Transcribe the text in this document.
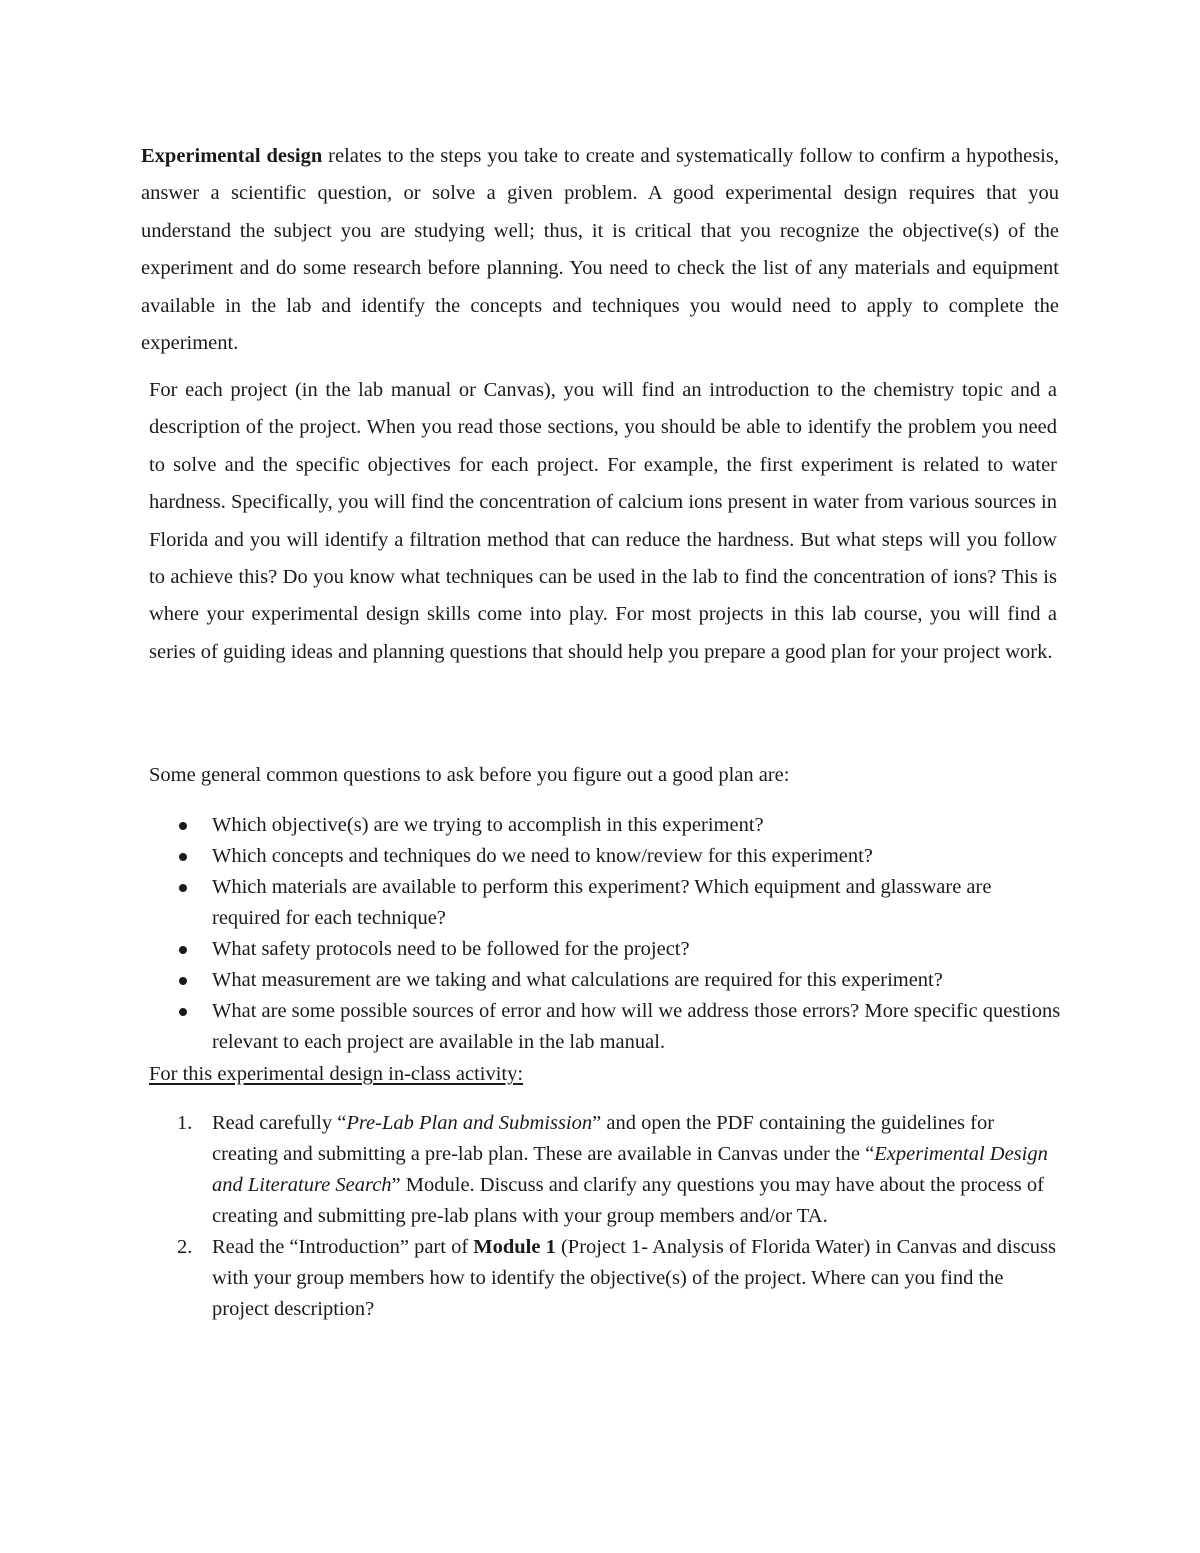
Experimental design relates to the steps you take to create and systematically follow to confirm a hypothesis, answer a scientific question, or solve a given problem. A good experimental design requires that you understand the subject you are studying well; thus, it is critical that you recognize the objective(s) of the experiment and do some research before planning. You need to check the list of any materials and equipment available in the lab and identify the concepts and techniques you would need to apply to complete the experiment.

For each project (in the lab manual or Canvas), you will find an introduction to the chemistry topic and a description of the project. When you read those sections, you should be able to identify the problem you need to solve and the specific objectives for each project. For example, the first experiment is related to water hardness. Specifically, you will find the concentration of calcium ions present in water from various sources in Florida and you will identify a filtration method that can reduce the hardness. But what steps will you follow to achieve this? Do you know what techniques can be used in the lab to find the concentration of ions? This is where your experimental design skills come into play. For most projects in this lab course, you will find a series of guiding ideas and planning questions that should help you prepare a good plan for your project work.

Some general common questions to ask before you figure out a good plan are:

Which objective(s) are we trying to accomplish in this experiment?
Which concepts and techniques do we need to know/review for this experiment?
Which materials are available to perform this experiment? Which equipment and glassware are required for each technique?
What safety protocols need to be followed for the project?
What measurement are we taking and what calculations are required for this experiment?
What are some possible sources of error and how will we address those errors? More specific questions relevant to each project are available in the lab manual.

For this experimental design in-class activity:

1. Read carefully “Pre-Lab Plan and Submission” and open the PDF containing the guidelines for creating and submitting a pre-lab plan. These are available in Canvas under the “Experimental Design and Literature Search” Module. Discuss and clarify any questions you may have about the process of creating and submitting pre-lab plans with your group members and/or TA.
2. Read the “Introduction” part of Module 1 (Project 1- Analysis of Florida Water) in Canvas and discuss with your group members how to identify the objective(s) of the project. Where can you find the project description?
